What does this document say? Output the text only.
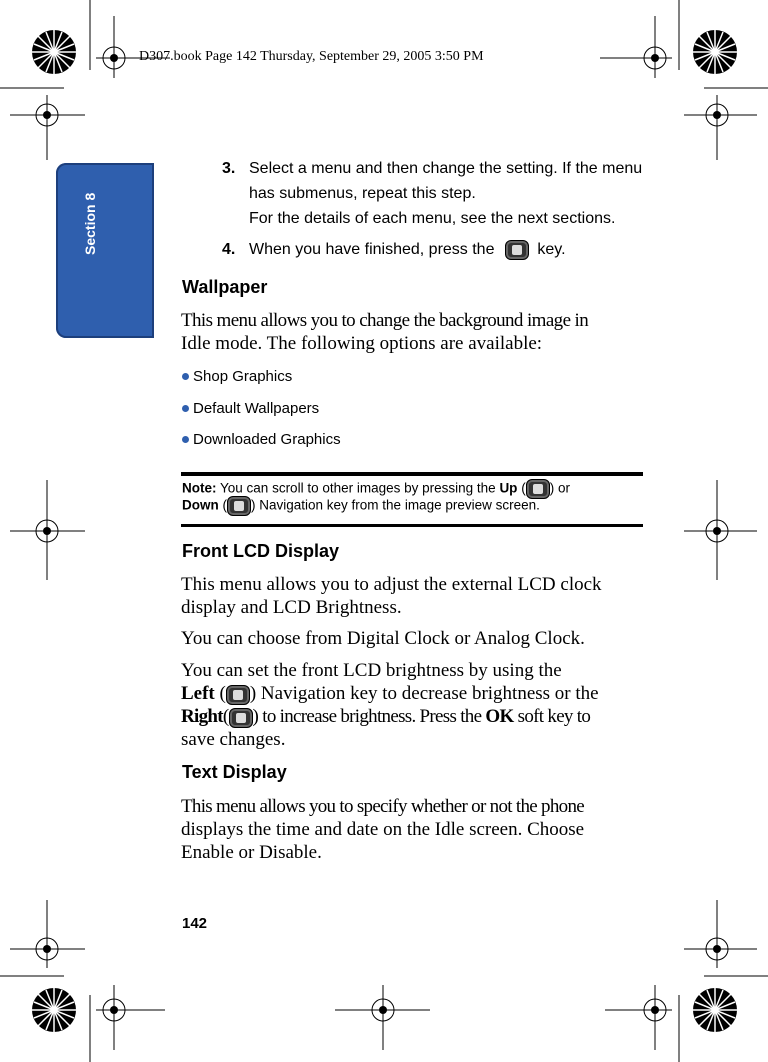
D307.book Page 142 Thursday, September 29, 2005 3:50 PM
Section 8
3. Select a menu and then change the setting. If the menu
has submenus, repeat this step.
For the details of each menu, see the next sections.
4. When you have finished, press the	key.
Wallpaper
This menu allows you to change the background image in
Idle mode. The following options are available:
Shop Graphics
Default Wallpapers
Downloaded Graphics
Note: You can scroll to other images by pressing the Up ( ) or
Down ( ) Navigation key from the image preview screen.
Front LCD Display
This menu allows you to adjust the external LCD clock
display and LCD Brightness.
You can choose from Digital Clock or Analog Clock.
You can set the front LCD brightness by using the
Left ( ) Navigation key to decrease brightness or the
Right( ) to increase brightness. Press the OK soft key to
save changes.
Text Display
This menu allows you to specify whether or not the phone
displays the time and date on the Idle screen. Choose
Enable or Disable.
142
